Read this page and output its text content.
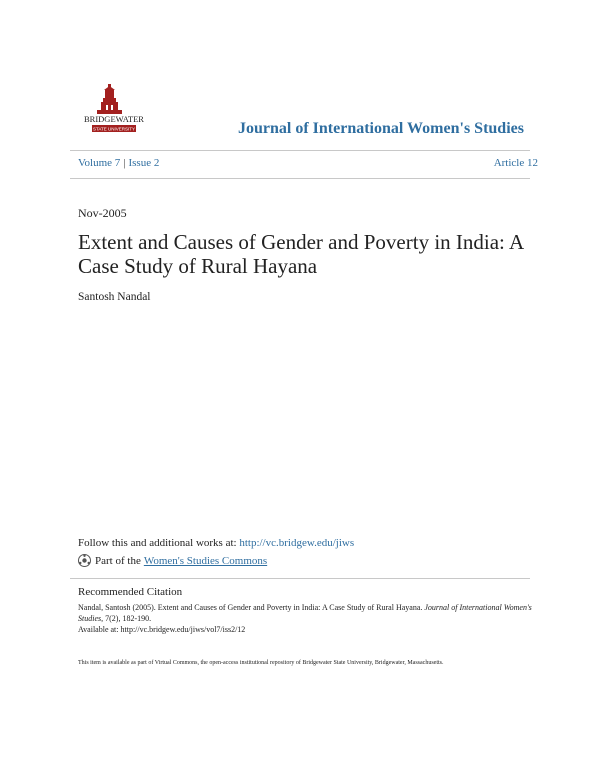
BRIDGEWATER
STATE UNIVERSITY	Journal of International Women's Studies
Volume 7 | Issue 2	Article 12
Nov-2005
Extent and Causes of Gender and Poverty in India: A Case Study of Rural Hayana
Santosh Nandal
Follow this and additional works at: http://vc.bridgew.edu/jiws
Part of the Women's Studies Commons
Recommended Citation
Nandal, Santosh (2005). Extent and Causes of Gender and Poverty in India: A Case Study of Rural Hayana. Journal of International Women's Studies, 7(2), 182-190.
Available at: http://vc.bridgew.edu/jiws/vol7/iss2/12
This item is available as part of Virtual Commons, the open-access institutional repository of Bridgewater State University, Bridgewater, Massachusetts.
